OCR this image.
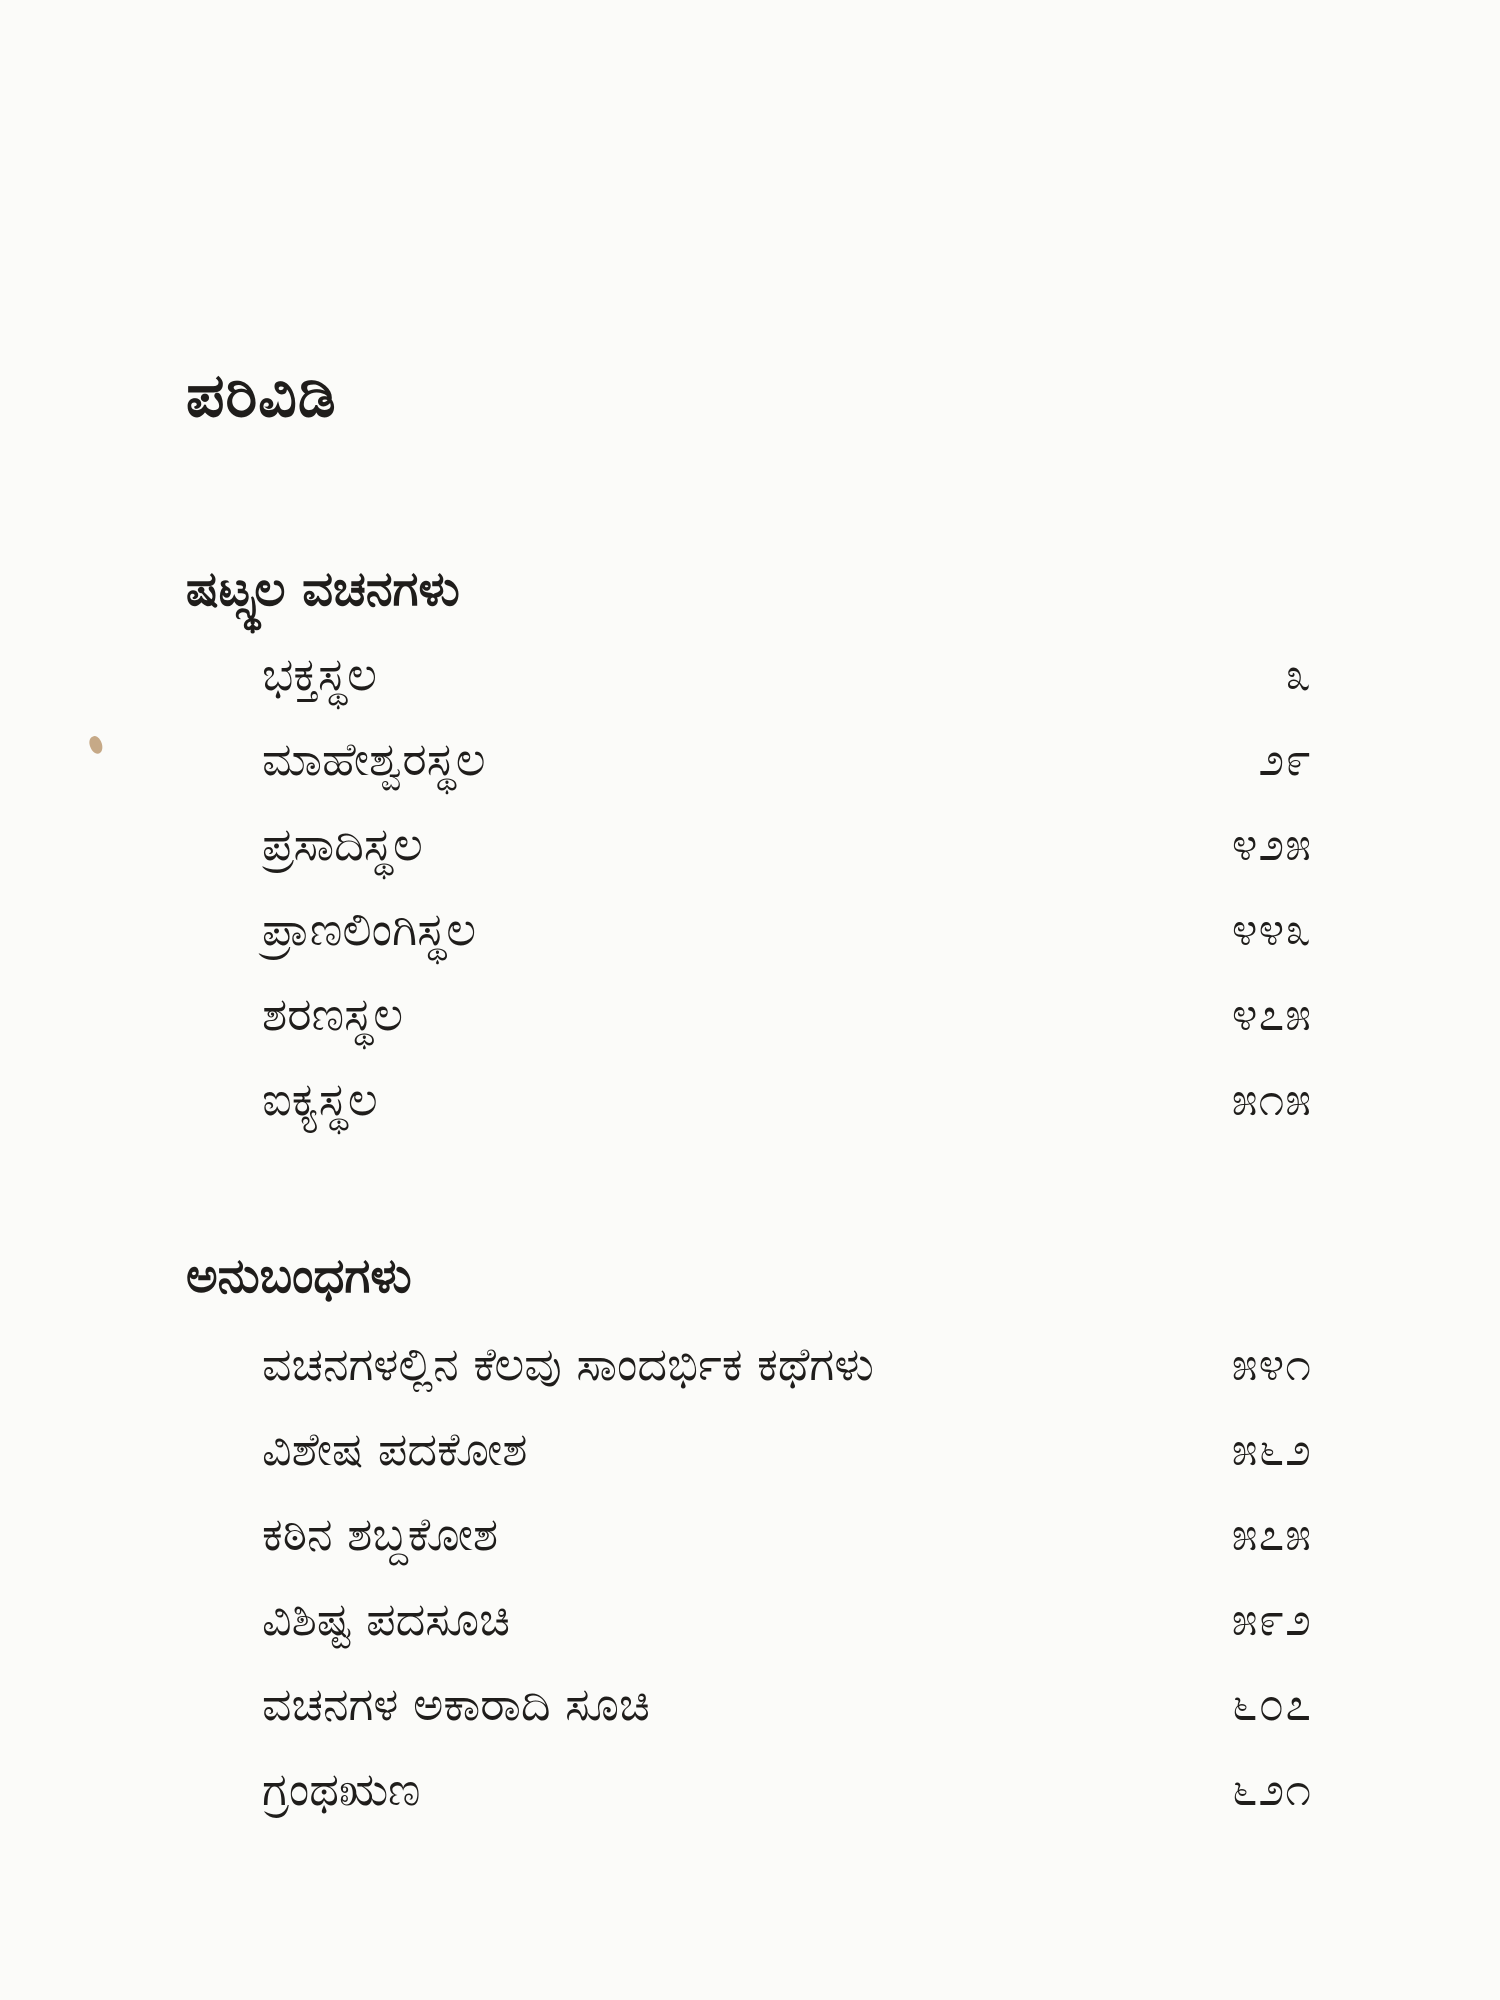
ಪರಿವಿಡಿ
ಷಟ್ಸ್ಥಲ ವಚನಗಳು
ಭಕ್ತಸ್ಥಲ	೩
ಮಾಹೇಶ್ವರಸ್ಥಲ	೨೯
ಪ್ರಸಾದಿಸ್ಥಲ	೪೨೫
ಪ್ರಾಣಲಿಂಗಿಸ್ಥಲ	೪೪೩
ಶರಣಸ್ಥಲ	೪೭೫
ಐಕ್ಯಸ್ಥಲ	೫೧೫
ಅನುಬಂಧಗಳು
ವಚನಗಳಲ್ಲಿನ ಕೆಲವು ಸಾಂದರ್ಭಿಕ ಕಥೆಗಳು	೫೪೧
ವಿಶೇಷ ಪದಕೋಶ	೫೬೨
ಕಠಿನ ಶಬ್ದಕೋಶ	೫೭೫
ವಿಶಿಷ್ಟ ಪದಸೂಚಿ	೫೯೨
ವಚನಗಳ ಅಕಾರಾದಿ ಸೂಚಿ	೬೦೭
ಗ್ರಂಥಋಣ	೬೨೧
